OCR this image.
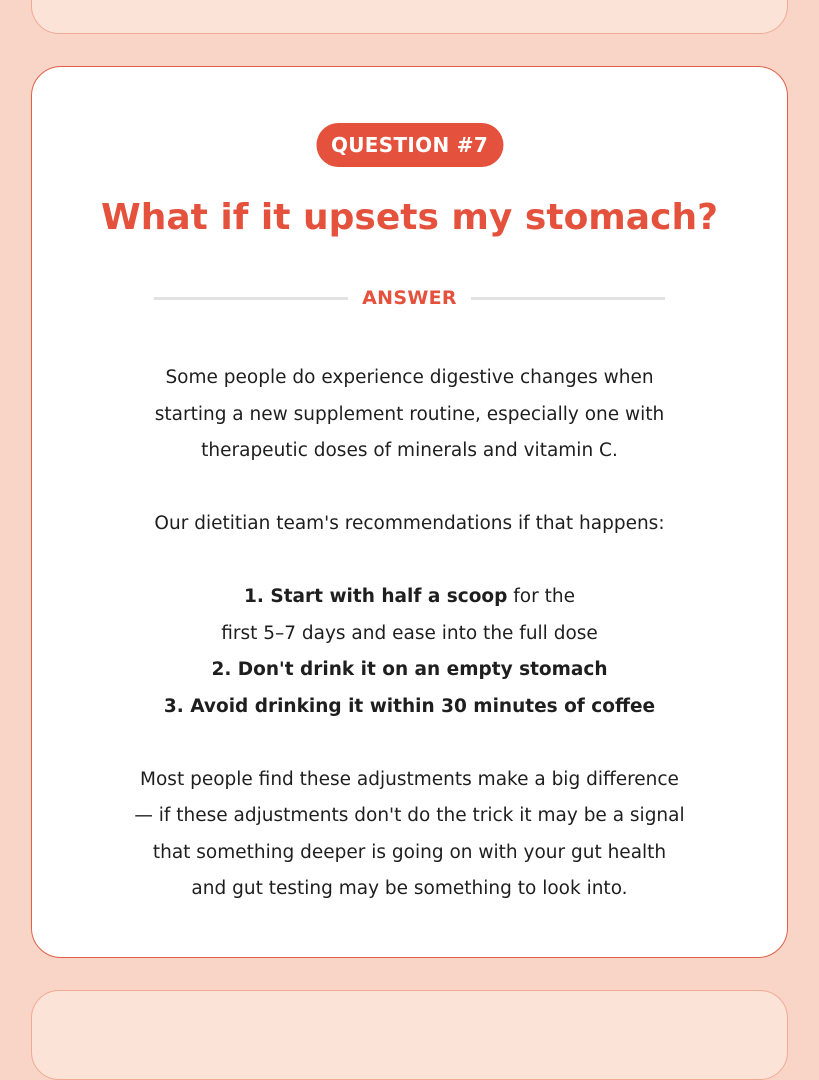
QUESTION #7
What if it upsets my stomach?
ANSWER

Some people do experience digestive changes when

starting a new supplement routine, especially one with

therapeutic doses of minerals and vitamin C.

Our dietitian team's recommendations if that happens:

1. Start with half a scoop for the

first 5–7 days and ease into the full dose

2. Don't drink it on an empty stomach

3. Avoid drinking it within 30 minutes of coffee

Most people find these adjustments make a big difference

— if these adjustments don't do the trick it may be a signal

that something deeper is going on with your gut health

and gut testing may be something to look into.
